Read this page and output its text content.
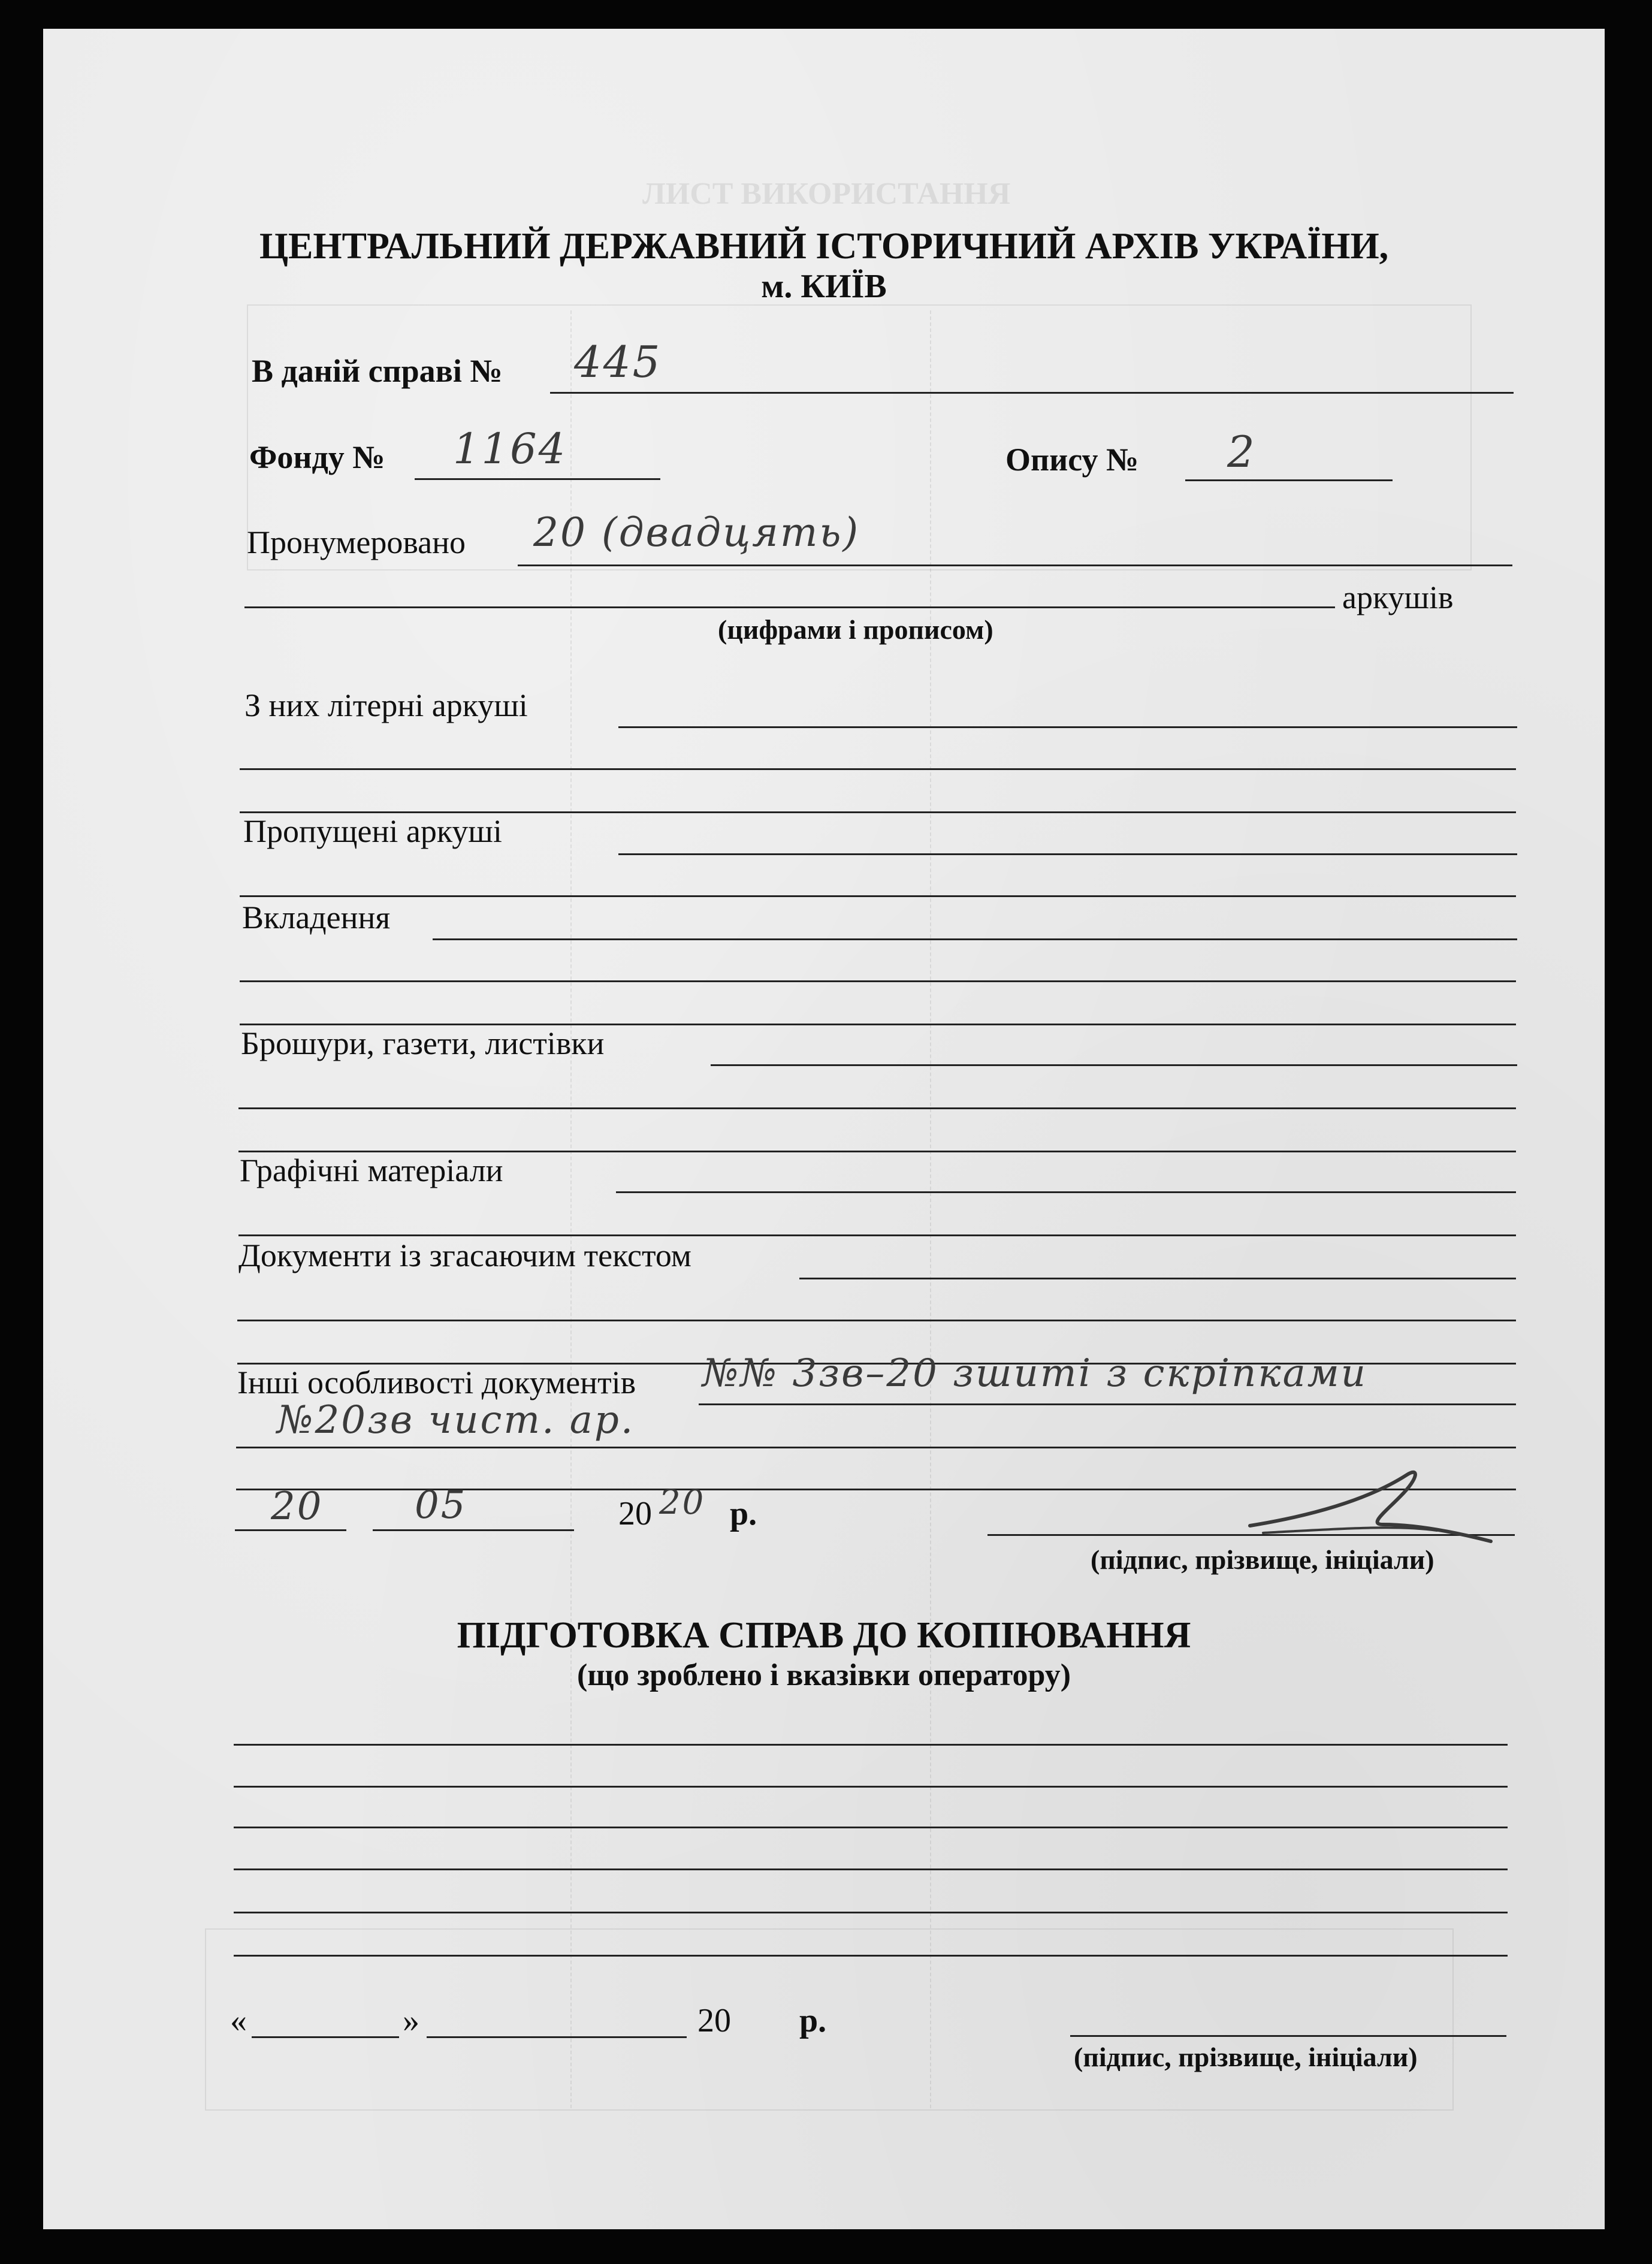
ЛИСТ ВИКОРИСТАННЯ
ЦЕНТРАЛЬНИЙ ДЕРЖАВНИЙ ІСТОРИЧНИЙ АРХІВ УКРАЇНИ,
м. КИЇВ
В даній справі № 445
Фонду № 1164	Опису № 2
Пронумеровано 20 (двадцять)
аркушів
(цифрами і прописом)
З них літерні аркуші
Пропущені аркуші
Вкладення
Брошури, газети, листівки
Графічні матеріали
Документи із згасаючим текстом
Інші особливості документів №№ 3зв–20 зшиті з скріпками
№20зв чист. ар.
20 05	20 20 р.
(підпис, прізвище, ініціали)
ПІДГОТОВКА СПРАВ ДО КОПІЮВАННЯ
(що зроблено і вказівки оператору)
«	»	20 р.
(підпис, прізвище, ініціали)
